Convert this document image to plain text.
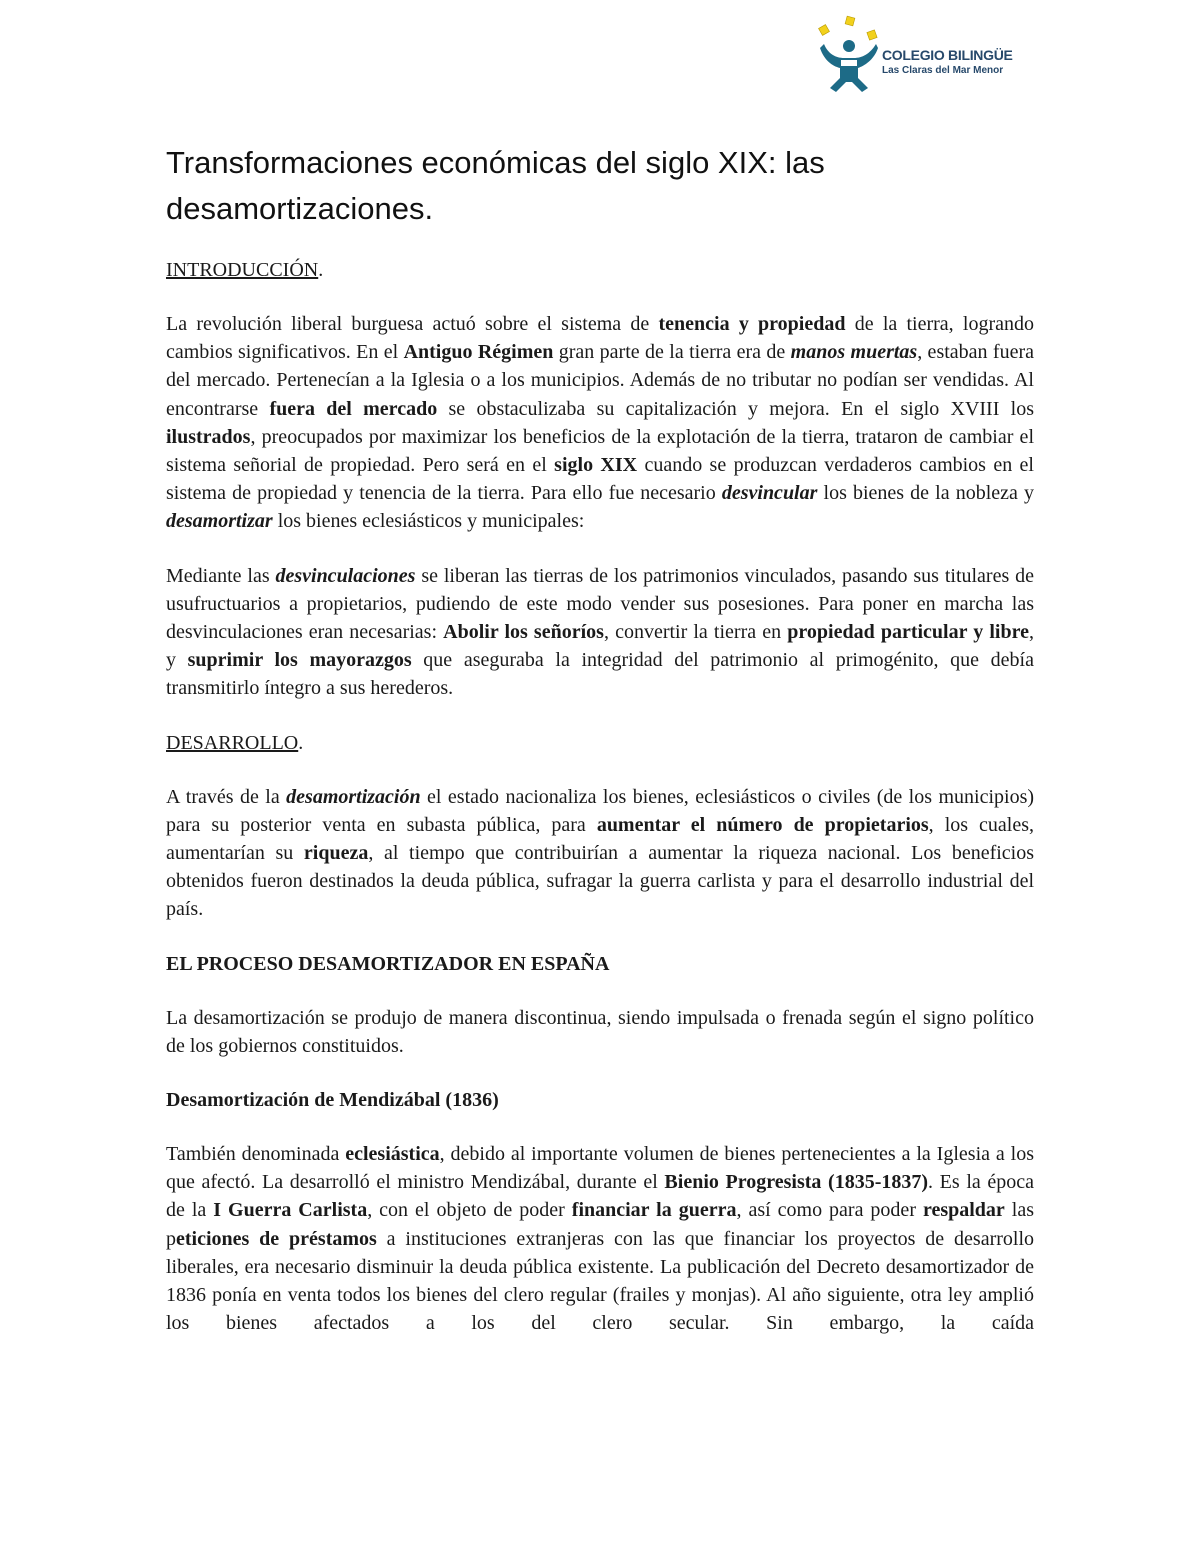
COLEGIO BILINGÜE
Las Claras del Mar Menor
Transformaciones económicas del siglo XIX: las desamortizaciones.
INTRODUCCIÓN.

La revolución liberal burguesa actuó sobre el sistema de tenencia y propiedad de la tierra, logrando cambios significativos. En el Antiguo Régimen gran parte de la tierra era de manos muertas, estaban fuera del mercado. Pertenecían a la Iglesia o a los municipios. Además de no tributar no podían ser vendidas. Al encontrarse fuera del mercado se obstaculizaba su capitalización y mejora. En el siglo XVIII los ilustrados, preocupados por maximizar los beneficios de la explotación de la tierra, trataron de cambiar el sistema señorial de propiedad. Pero será en el siglo XIX cuando se produzcan verdaderos cambios en el sistema de propiedad y tenencia de la tierra. Para ello fue necesario desvincular los bienes de la nobleza y desamortizar los bienes eclesiásticos y municipales:

Mediante las desvinculaciones se liberan las tierras de los patrimonios vinculados, pasando sus titulares de usufructuarios a propietarios, pudiendo de este modo vender sus posesiones. Para poner en marcha las desvinculaciones eran necesarias: Abolir los señoríos, convertir la tierra en propiedad particular y libre, y suprimir los mayorazgos que aseguraba la integridad del patrimonio al primogénito, que debía transmitirlo íntegro a sus herederos.

DESARROLLO.

A través de la desamortización el estado nacionaliza los bienes, eclesiásticos o civiles (de los municipios) para su posterior venta en subasta pública, para aumentar el número de propietarios, los cuales, aumentarían su riqueza, al tiempo que contribuirían a aumentar la riqueza nacional. Los beneficios obtenidos fueron destinados la deuda pública, sufragar la guerra carlista y para el desarrollo industrial del país.

EL PROCESO DESAMORTIZADOR EN ESPAÑA

La desamortización se produjo de manera discontinua, siendo impulsada o frenada según el signo político de los gobiernos constituidos.

Desamortización de Mendizábal (1836)

También denominada eclesiástica, debido al importante volumen de bienes pertenecientes a la Iglesia a los que afectó. La desarrolló el ministro Mendizábal, durante el Bienio Progresista (1835-1837). Es la época de la I Guerra Carlista, con el objeto de poder financiar la guerra, así como para poder respaldar las peticiones de préstamos a instituciones extranjeras con las que financiar los proyectos de desarrollo liberales, era necesario disminuir la deuda pública existente. La publicación del Decreto desamortizador de 1836 ponía en venta todos los bienes del clero regular (frailes y monjas). Al año siguiente, otra ley amplió los bienes afectados a los del clero secular. Sin embargo, la caída
